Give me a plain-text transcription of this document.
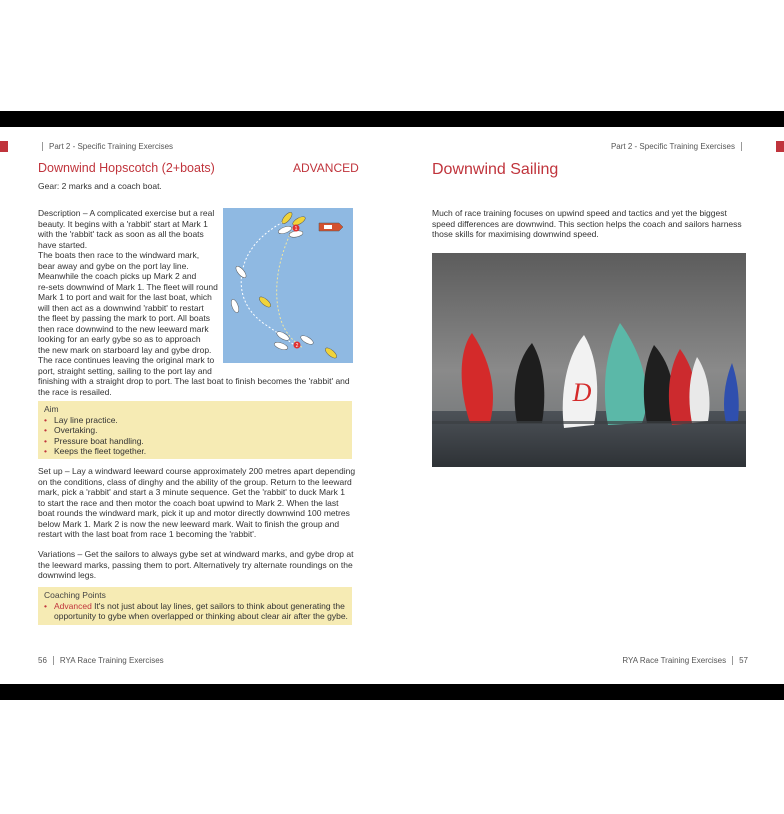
Part 2 - Specific Training Exercises	Part 2 - Specific Training Exercises
Downwind Hopscotch (2+boats)	ADVANCED

Gear: 2 marks and a coach boat.

Description – A complicated exercise but a real

beauty. It begins with a 'rabbit' start at Mark 1

with the 'rabbit' tack as soon as all the boats

have started.

The boats then race to the windward mark,

bear away and gybe on the port lay line.

Meanwhile the coach picks up Mark 2 and

re-sets downwind of Mark 1. The fleet will round

Mark 1 to port and wait for the last boat, which

will then act as a downwind 'rabbit' to restart

the fleet by passing the mark to port. All boats

then race downwind to the new leeward mark

looking for an early gybe so as to approach

the new mark on starboard lay and gybe drop.

The race continues leaving the original mark to

port, straight setting, sailing to the port lay and

finishing with a straight drop to port. The last boat to finish becomes the 'rabbit' and

the race is resailed.

1
2
Aim
• Lay line practice.
• Overtaking.
• Pressure boat handling.
• Keeps the fleet together.

Set up – Lay a windward leeward course approximately 200 metres apart depending

on the conditions, class of dinghy and the ability of the group. Return to the leeward

mark, pick a 'rabbit' and start a 3 minute sequence. Get the 'rabbit' to duck Mark 1

to start the race and then motor the coach boat upwind to Mark 2. When the last

boat rounds the windward mark, pick it up and motor directly downwind 100 metres

below Mark 1. Mark 2 is now the new leeward mark. Wait to finish the group and

restart with the last boat from race 1 becoming the 'rabbit'.

Variations – Get the sailors to always gybe set at windward marks, and gybe drop at

the leeward marks, passing them to port. Alternatively try alternate roundings on the

downwind legs.

Coaching Points
• Advanced It's not just about lay lines, get sailors to think about generating the
opportunity to gybe when overlapped or thinking about clear air after the gybe.
Downwind Sailing

Much of race training focuses on upwind speed and tactics and yet the biggest

speed differences are downwind. This section helps the coach and sailors harness

those skills for maximising downwind speed.

D
56 RYA Race Training Exercises	RYA Race Training Exercises 57
